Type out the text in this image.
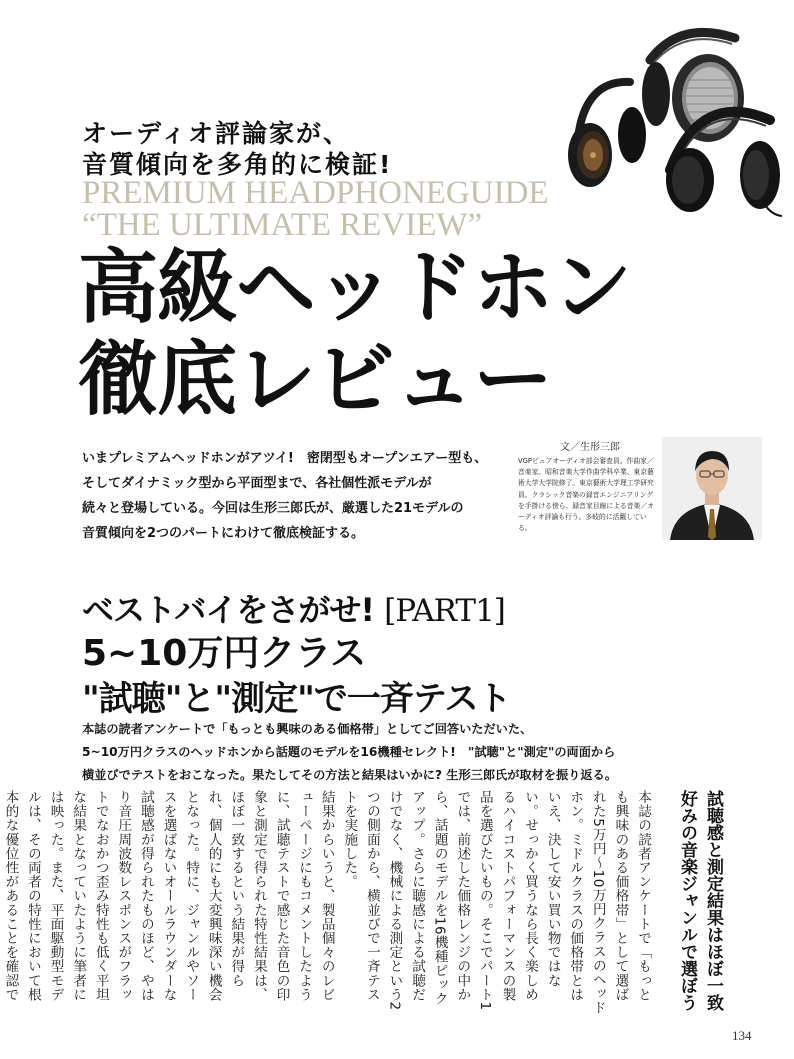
オーディオ評論家が、
音質傾向を多角的に検証!
PREMIUM HEADPHONEGUIDE
“THE ULTIMATE REVIEW”
高級ヘッドホン
徹底レビュー

いまプレミアムヘッドホンがアツイ!　密閉型もオープンエアー型も、

そしてダイナミック型から平面型まで、各社個性派モデルが

続々と登場している。今回は生形三郎氏が、厳選した21モデルの

音質傾向を2つのパートにわけて徹底検証する。

文／生形三郎
VGPピュアオーディオ部会審査員。作曲家／音楽家。昭和音楽大学作曲学科卒業、東京藝術大学大学院修了。東京藝術大学理工学研究員。クラシック音楽の録音エンジニアリングを手掛ける傍ら、録音家目線による音楽／オーディオ評論も行う。多岐的に活躍している。
ベストバイをさがせ! [PART1]
5~10万円クラス
"試聴"と"測定"で一斉テスト

本誌の読者アンケートで「もっとも興味のある価格帯」としてご回答いただいた、

5~10万円クラスのヘッドホンから話題のモデルを16機種セレクト!　"試聴"と"測定"の両面から

横並びでテストをおこなった。果たしてその方法と結果はいかに? 生形三郎氏が取材を振り返る。

試聴感と測定結果はほぼ一致

好みの音楽ジャンルで選ぼう

本誌の読者アンケートで「もっとも興味のある価格帯」として選ばれた5万円～10万円クラスのヘッドホン。ミドルクラスの価格帯とはいえ、決して安い買い物ではない。せっかく買うなら長く楽しめるハイコストパフォーマンスの製品を選びたいもの。そこでパート1では、前述した価格レンジの中から、話題のモデルを16機種ピックアップ。さらに聴感による試聴だけでなく、機械による測定という2つの側面から、横並びで一斉テストを実施した。

結果からいうと、製品個々のレビューページにもコメントしたように、試聴テストで感じた音色の印象と測定で得られた特性結果は、ほぼ一致するという結果が得られ、個人的にも大変興味深い機会となった。特に、ジャンルやソースを選ばないオールラウンダーな試聴感が得られたものほど、やはり音圧周波数レスポンスがフラットでなおかつ歪み特性も低く平坦な結果となっていたように筆者には映った。また、平面駆動型モデルは、その両者の特性において根本的な優位性があることを確認で

134
